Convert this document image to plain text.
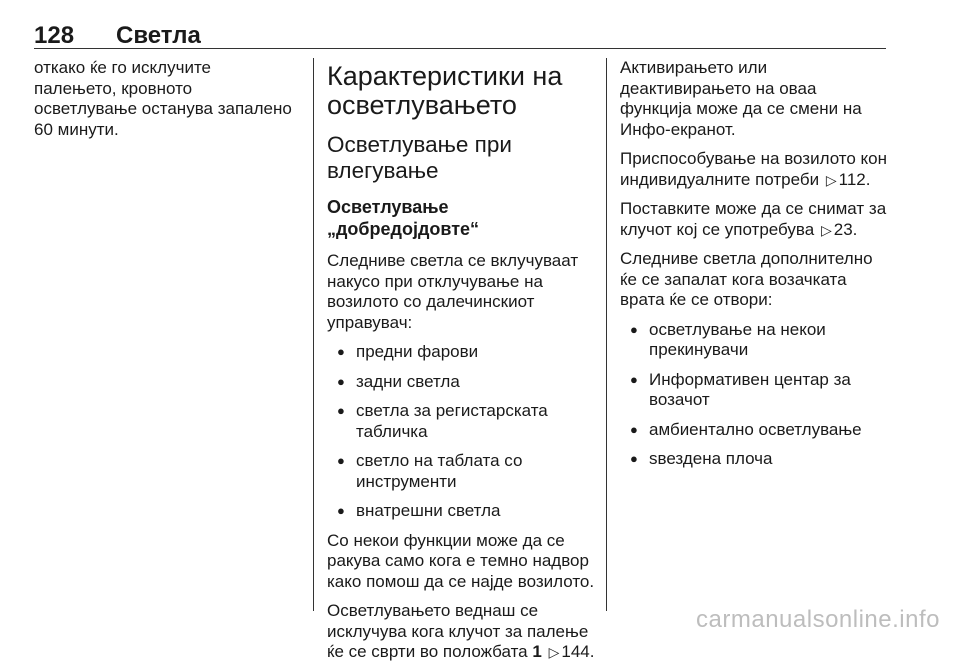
128 Светла

откако ќе го исклучите палењето, кровното осветлување останува запалено 60 минути.

Карактеристики на осветлувањето
Осветлување при влегување
Осветлување „добредојдовте“

Следниве светла се вклучуваат накусо при отклучување на возилото со далечинскиот управувач:

● предни фарови
● задни светла
● светла за регистарската табличка
● светло на таблата со инструменти
● внатрешни светла

Со некои функции може да се ракува само кога е темно надвор како помош да се најде возилото.

Осветлувањето веднаш се исклучува кога клучот за палење ќе се сврти во положбата 1 ▷ 144.

Активирањето или деактивирањето на оваа функција може да се смени на Инфо-екранот.

Приспособување на возилото кон индивидуалните потреби ▷ 112.

Поставките може да се снимат за клучот кој се употребува ▷ 23.

Следниве светла дополнително ќе се запалат кога возачката врата ќе се отвори:

● осветлување на некои прекинувачи
● Информативен центар за возачот
● амбиентално осветлување
● ѕвездена плоча
carmanualsonline.info
